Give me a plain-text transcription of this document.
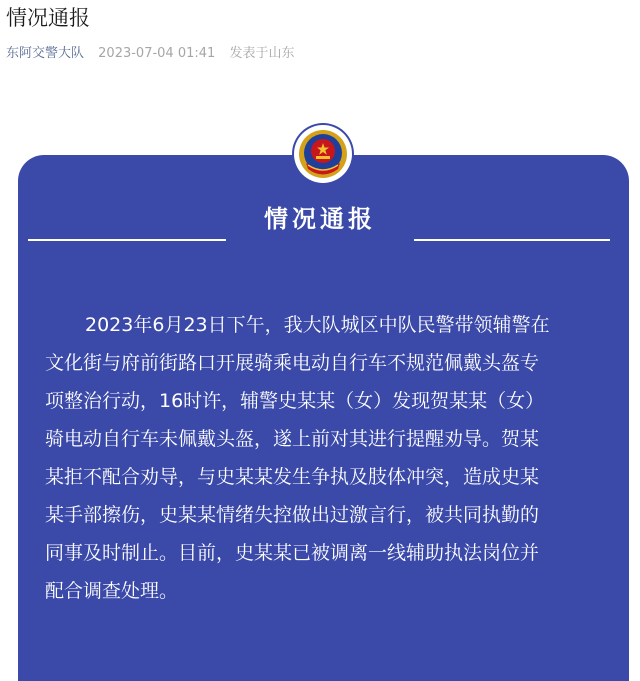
情况通报
东阿交警大队 2023-07-04 01:41 发表于山东
情况通报
2023年6月23日下午，我大队城区中队民警带领辅警在
文化街与府前街路口开展骑乘电动自行车不规范佩戴头盔专
项整治行动，16时许，辅警史某某（女）发现贺某某（女）
骑电动自行车未佩戴头盔，遂上前对其进行提醒劝导。贺某
某拒不配合劝导，与史某某发生争执及肢体冲突，造成史某
某手部擦伤，史某某情绪失控做出过激言行，被共同执勤的
同事及时制止。目前，史某某已被调离一线辅助执法岗位并
配合调查处理。
